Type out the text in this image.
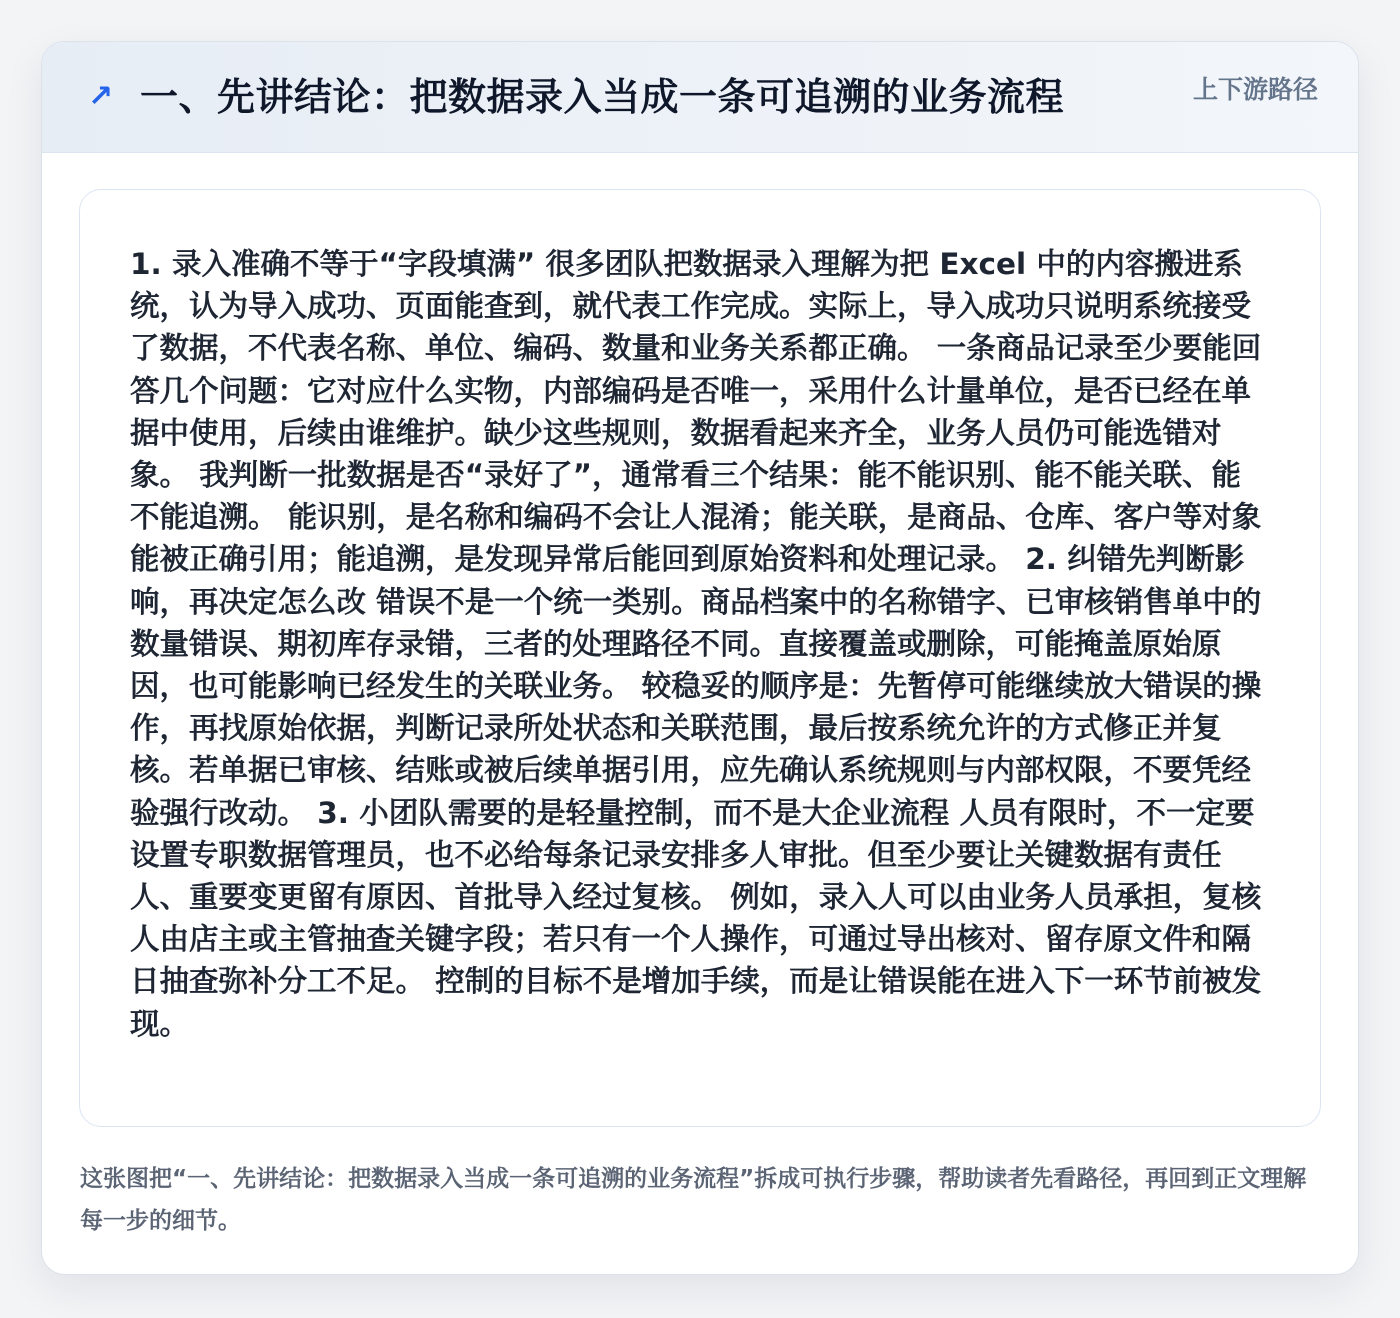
↗ 一、先讲结论：把数据录入当成一条可追溯的业务流程	上下游路径
1. 录入准确不等于“字段填满” 很多团队把数据录入理解为把 Excel 中的内容搬进系统，认为导入成功、页面能查到，就代表工作完成。实际上，导入成功只说明系统接受了数据，不代表名称、单位、编码、数量和业务关系都正确。 一条商品记录至少要能回答几个问题：它对应什么实物，内部编码是否唯一，采用什么计量单位，是否已经在单据中使用，后续由谁维护。缺少这些规则，数据看起来齐全，业务人员仍可能选错对象。 我判断一批数据是否“录好了”，通常看三个结果：能不能识别、能不能关联、能不能追溯。 能识别，是名称和编码不会让人混淆；能关联，是商品、仓库、客户等对象能被正确引用；能追溯，是发现异常后能回到原始资料和处理记录。 2. 纠错先判断影响，再决定怎么改 错误不是一个统一类别。商品档案中的名称错字、已审核销售单中的数量错误、期初库存录错，三者的处理路径不同。直接覆盖或删除，可能掩盖原始原因，也可能影响已经发生的关联业务。 较稳妥的顺序是：先暂停可能继续放大错误的操作，再找原始依据，判断记录所处状态和关联范围，最后按系统允许的方式修正并复核。若单据已审核、结账或被后续单据引用，应先确认系统规则与内部权限，不要凭经验强行改动。 3. 小团队需要的是轻量控制，而不是大企业流程 人员有限时，不一定要设置专职数据管理员，也不必给每条记录安排多人审批。但至少要让关键数据有责任人、重要变更留有原因、首批导入经过复核。 例如，录入人可以由业务人员承担，复核人由店主或主管抽查关键字段；若只有一个人操作，可通过导出核对、留存原文件和隔日抽查弥补分工不足。 控制的目标不是增加手续，而是让错误能在进入下一环节前被发现。
这张图把“一、先讲结论：把数据录入当成一条可追溯的业务流程”拆成可执行步骤，帮助读者先看路径，再回到正文理解每一步的细节。
